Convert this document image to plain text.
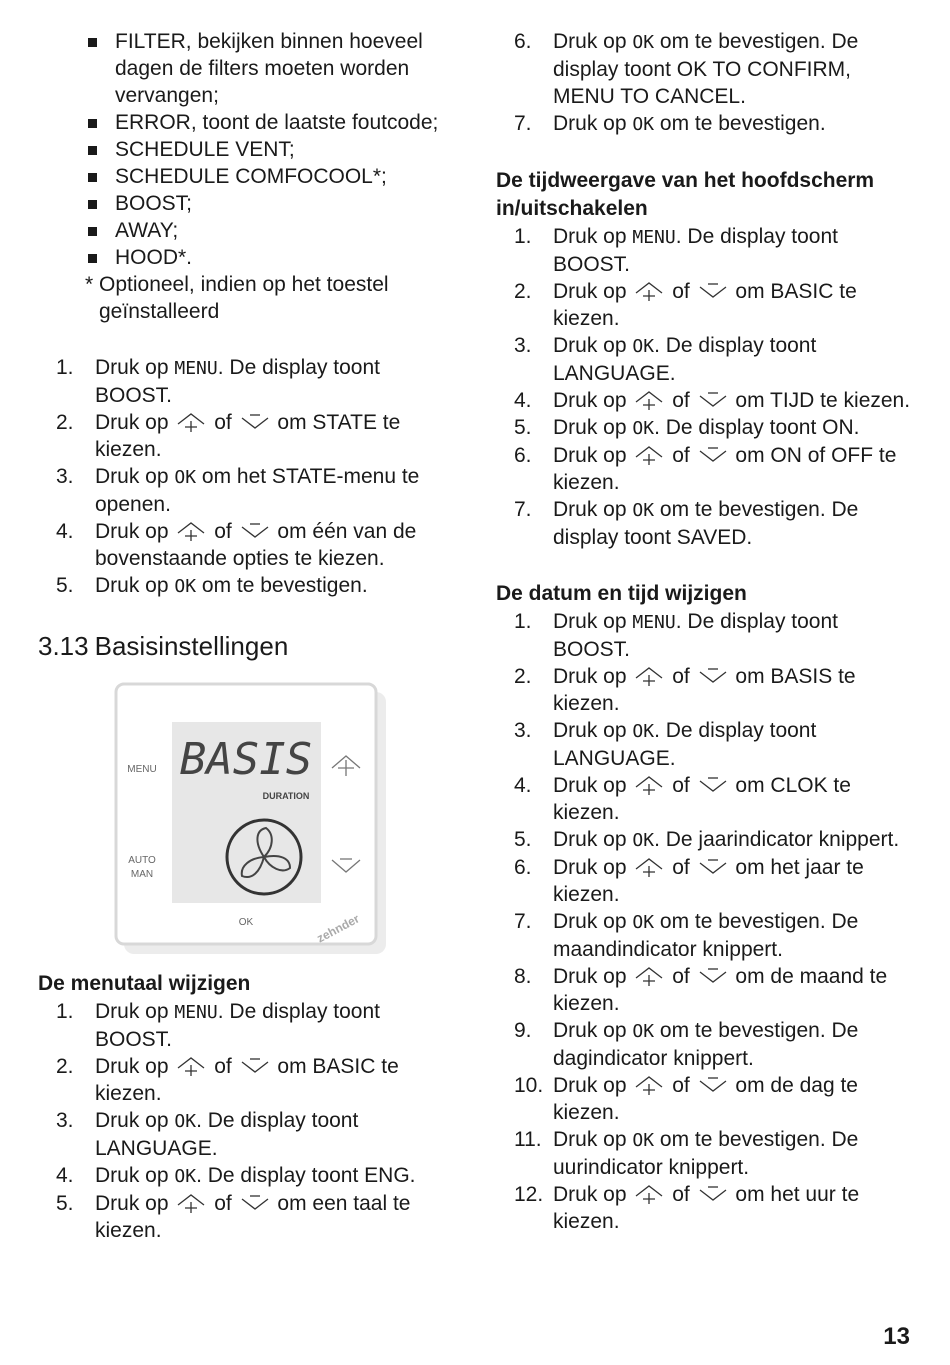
FILTER, bekijken binnen hoeveel dagen de filters moeten worden vervangen;
ERROR, toont de laatste foutcode;
SCHEDULE VENT;
SCHEDULE COMFOCOOL*;
BOOST;
AWAY;
HOOD*.
* Optioneel, indien op het toestel
geïnstalleerd
1. Druk op MENU. De display toont BOOST.
2. Druk op  of  om STATE te kiezen.
3. Druk op OK om het STATE-menu te openen.
4. Druk op  of  om één van de bovenstaande opties te kiezen.
5. Druk op OK om te bevestigen.
3.13 Basisinstellingen
BASIS
DURATION
MENU
AUTO
MAN
OK	zehnder
De menutaal wijzigen
1. Druk op MENU. De display toont BOOST.
2. Druk op  of  om BASIC te kiezen.
3. Druk op OK. De display toont LANGUAGE.
4. Druk op OK. De display toont ENG.
5. Druk op  of  om een taal te kiezen.
6. Druk op OK om te bevestigen. De display toont OK TO CONFIRM, MENU TO CANCEL.
7. Druk op OK om te bevestigen.
De tijdweergave van het hoofdscherm in/uitschakelen
1. Druk op MENU. De display toont BOOST.
2. Druk op  of  om BASIC te kiezen.
3. Druk op OK. De display toont LANGUAGE.
4. Druk op  of  om TIJD te kiezen.
5. Druk op OK. De display toont ON.
6. Druk op  of  om ON of OFF te kiezen.
7. Druk op OK om te bevestigen. De display toont SAVED.
De datum en tijd wijzigen
1. Druk op MENU. De display toont BOOST.
2. Druk op  of  om BASIS te kiezen.
3. Druk op OK. De display toont LANGUAGE.
4. Druk op  of  om CLOK te kiezen.
5. Druk op OK. De jaarindicator knippert.
6. Druk op  of  om het jaar te kiezen.
7. Druk op OK om te bevestigen. De maandindicator knippert.
8. Druk op  of  om de maand te kiezen.
9. Druk op OK om te bevestigen. De dagindicator knippert.
10. Druk op  of  om de dag te kiezen.
11. Druk op OK om te bevestigen. De uurindicator knippert.
12. Druk op  of  om het uur te kiezen.
13
